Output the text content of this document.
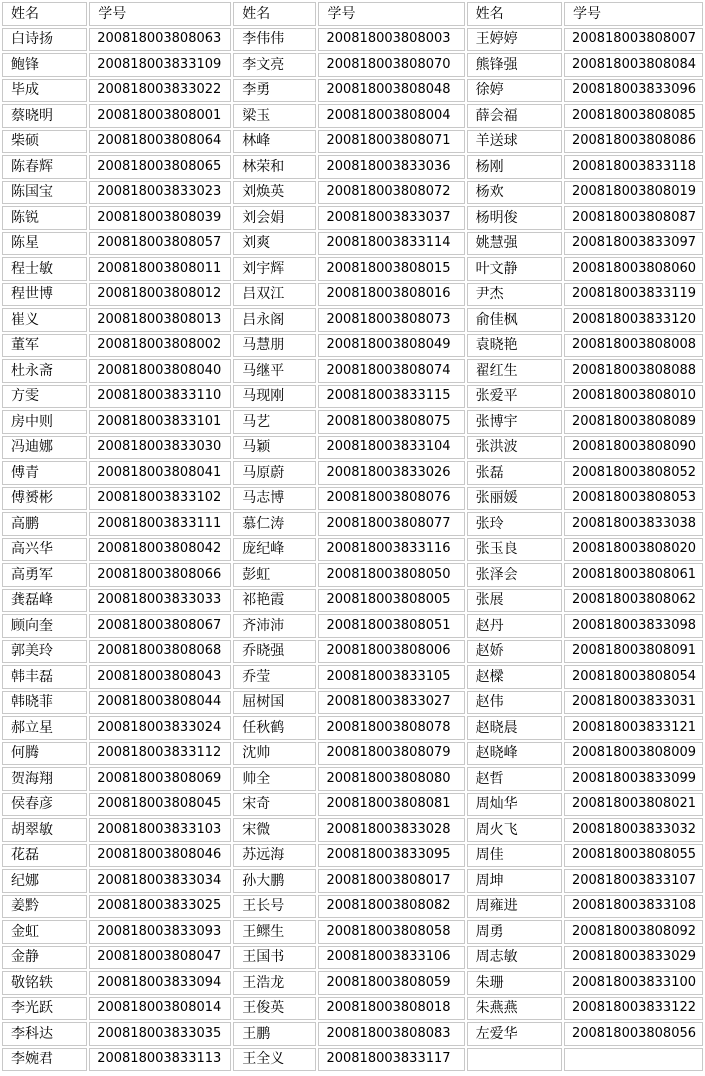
姓名	学号	姓名	学号	姓名	学号
白诗扬	200818003808063	李伟伟	200818003808003	王婷婷	200818003808007
鲍锋	200818003833109	李文亮	200818003808070	熊锋强	200818003808084
毕成	200818003833022	李勇	200818003808048	徐婷	200818003833096
蔡晓明	200818003808001	梁玉	200818003808004	薛会福	200818003808085
柴硕	200818003808064	林峰	200818003808071	羊送球	200818003808086
陈春辉	200818003808065	林荣和	200818003833036	杨刚	200818003833118
陈国宝	200818003833023	刘焕英	200818003808072	杨欢	200818003808019
陈锐	200818003808039	刘会娟	200818003833037	杨明俊	200818003808087
陈星	200818003808057	刘爽	200818003833114	姚慧强	200818003833097
程士敏	200818003808011	刘宇辉	200818003808015	叶文静	200818003808060
程世博	200818003808012	吕双江	200818003808016	尹杰	200818003833119
崔义	200818003808013	吕永阁	200818003808073	俞佳枫	200818003833120
董军	200818003808002	马慧朋	200818003808049	袁晓艳	200818003808008
杜永斋	200818003808040	马继平	200818003808074	翟红生	200818003808088
方雯	200818003833110	马现刚	200818003833115	张爱平	200818003808010
房中则	200818003833101	马艺	200818003808075	张博宇	200818003808089
冯迪娜	200818003833030	马颖	200818003833104	张洪波	200818003808090
傅青	200818003808041	马原蔚	200818003833026	张磊	200818003808052
傅赟彬	200818003833102	马志博	200818003808076	张丽媛	200818003808053
高鹏	200818003833111	慕仁涛	200818003808077	张玲	200818003833038
高兴华	200818003808042	庞纪峰	200818003833116	张玉良	200818003808020
高勇军	200818003808066	彭虹	200818003808050	张泽会	200818003808061
龚磊峰	200818003833033	祁艳霞	200818003808005	张展	200818003808062
顾向奎	200818003808067	齐沛沛	200818003808051	赵丹	200818003833098
郭美玲	200818003808068	乔晓强	200818003808006	赵娇	200818003808091
韩丰磊	200818003808043	乔莹	200818003833105	赵樑	200818003808054
韩晓菲	200818003808044	屈树国	200818003833027	赵伟	200818003833031
郝立星	200818003833024	任秋鹤	200818003808078	赵晓晨	200818003833121
何腾	200818003833112	沈帅	200818003808079	赵晓峰	200818003808009
贺海翔	200818003808069	帅全	200818003808080	赵哲	200818003833099
侯春彦	200818003808045	宋奇	200818003808081	周灿华	200818003808021
胡翠敏	200818003833103	宋微	200818003833028	周火飞	200818003833032
花磊	200818003808046	苏远海	200818003833095	周佳	200818003808055
纪娜	200818003833034	孙大鹏	200818003808017	周坤	200818003833107
姜黔	200818003833025	王长号	200818003808082	周雍进	200818003833108
金虹	200818003833093	王鳏生	200818003808058	周勇	200818003808092
金静	200818003808047	王国书	200818003833106	周志敏	200818003833029
敬铭轶	200818003833094	王浩龙	200818003808059	朱珊	200818003833100
李光跃	200818003808014	王俊英	200818003808018	朱燕燕	200818003833122
李科达	200818003833035	王鹏	200818003808083	左爱华	200818003808056
李婉君	200818003833113	王全义	200818003833117		
